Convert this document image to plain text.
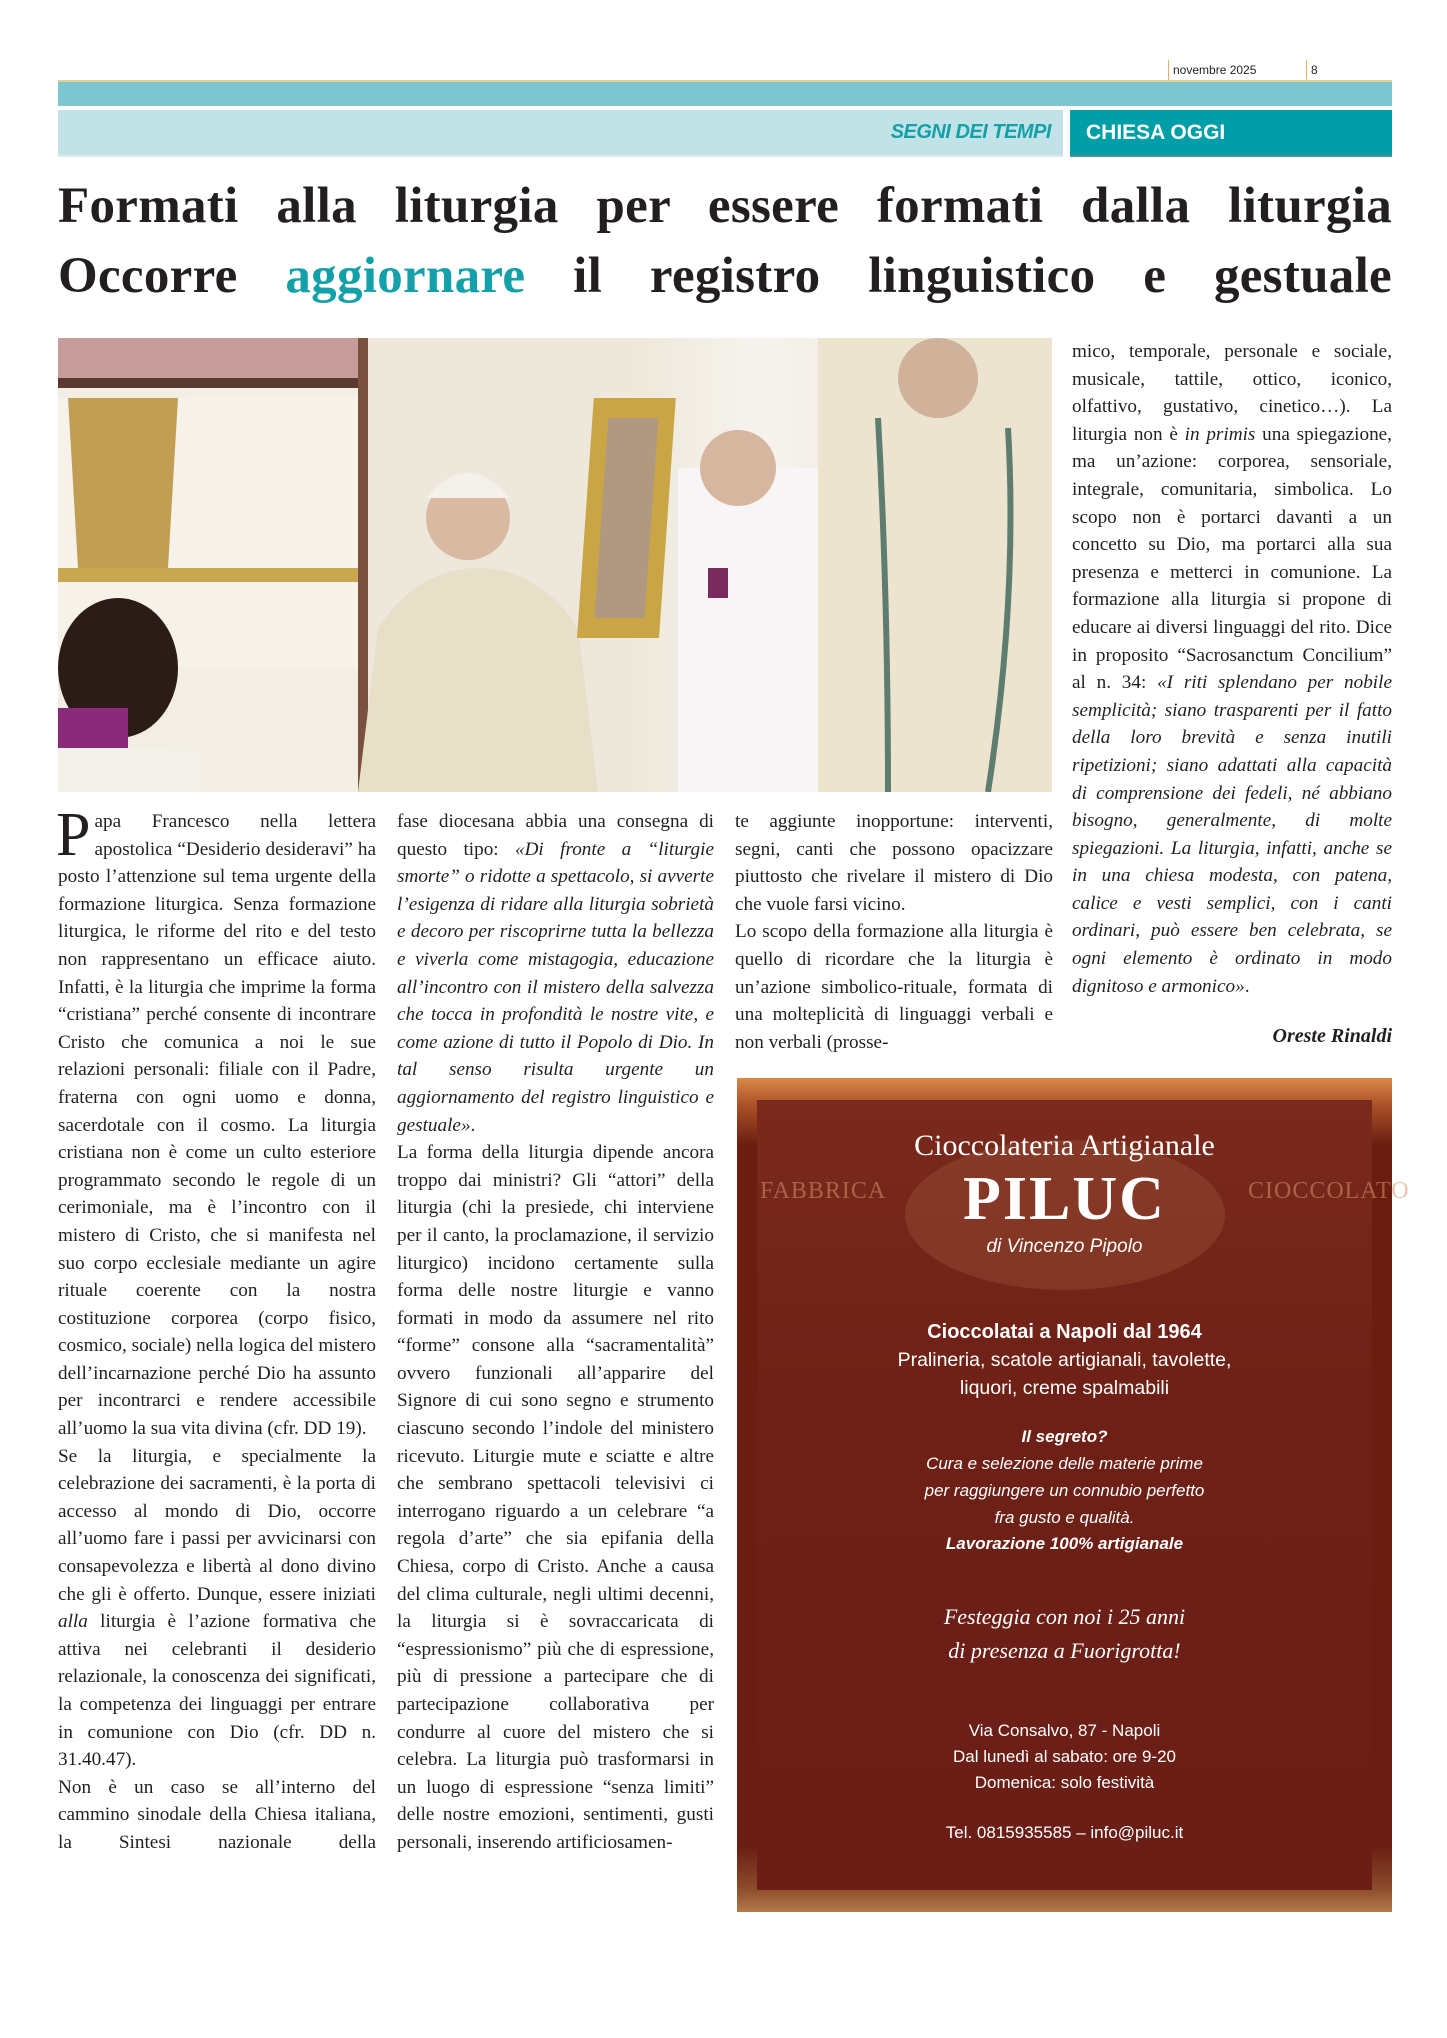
novembre 2025	8
SEGNI DEI TEMPI CHIESA OGGI
Formati alla liturgia per essere formati dalla liturgia
Occorre aggiornare il registro linguistico e gestuale

Papa Francesco nella lettera apostolica “Desiderio desideravi” ha posto l’attenzione sul tema urgente della formazione liturgica. Senza formazione liturgica, le riforme del rito e del testo non rappresentano un efficace aiuto. Infatti, è la liturgia che imprime la forma “cristiana” perché consente di incontrare Cristo che comunica a noi le sue relazioni personali: filiale con il Padre, fraterna con ogni uomo e donna, sacerdotale con il cosmo. La liturgia cristiana non è come un culto esteriore programmato secondo le regole di un cerimoniale, ma è l’incontro con il mistero di Cristo, che si manifesta nel suo corpo ecclesiale mediante un agire rituale coerente con la nostra costituzione corporea (corpo fisico, cosmico, sociale) nella logica del mistero dell’incarnazione perché Dio ha assunto per incontrarci e rendere accessibile all’uomo la sua vita divina (cfr. DD 19).

Se la liturgia, e specialmente la celebrazione dei sacramenti, è la porta di accesso al mondo di Dio, occorre all’uomo fare i passi per avvicinarsi con consapevolezza e libertà al dono divino che gli è offerto. Dunque, essere iniziati alla liturgia è l’azione formativa che attiva nei celebranti il desiderio relazionale, la conoscenza dei significati, la competenza dei linguaggi per entrare in comunione con Dio (cfr. DD n. 31.40.47).

Non è un caso se all’interno del cammino sinodale della Chiesa italiana, la Sintesi nazionale della

fase diocesana abbia una consegna di questo tipo: «Di fronte a “liturgie smorte” o ridotte a spettacolo, si avverte l’esigenza di ridare alla liturgia sobrietà e decoro per riscoprirne tutta la bellezza e viverla come mistagogia, educazione all’incontro con il mistero della salvezza che tocca in profondità le nostre vite, e come azione di tutto il Popolo di Dio. In tal senso risulta urgente un aggiornamento del registro linguistico e gestuale».

La forma della liturgia dipende ancora troppo dai ministri? Gli “attori” della liturgia (chi la presiede, chi interviene per il canto, la proclamazione, il servizio liturgico) incidono certamente sulla forma delle nostre liturgie e vanno formati in modo da assumere nel rito “forme” consone alla “sacramentalità” ovvero funzionali all’apparire del Signore di cui sono segno e strumento ciascuno secondo l’indole del ministero ricevuto. Liturgie mute e sciatte e altre che sembrano spettacoli televisivi ci interrogano riguardo a un celebrare “a regola d’arte” che sia epifania della Chiesa, corpo di Cristo. Anche a causa del clima culturale, negli ultimi decenni, la liturgia si è sovraccaricata di “espressionismo” più che di espressione, più di pressione a partecipare che di partecipazione collaborativa per condurre al cuore del mistero che si celebra. La liturgia può trasformarsi in un luogo di espressione “senza limiti” delle nostre emozioni, sentimenti, gusti personali, inserendo artificiosamen-

te aggiunte inopportune: interventi, segni, canti che possono opacizzare piuttosto che rivelare il mistero di Dio che vuole farsi vicino.

Lo scopo della formazione alla liturgia è quello di ricordare che la liturgia è un’azione simbolico-rituale, formata di una molteplicità di linguaggi verbali e non verbali (prosse-

mico, temporale, personale e sociale, musicale, tattile, ottico, iconico, olfattivo, gustativo, cinetico…). La liturgia non è in primis una spiegazione, ma un’azione: corporea, sensoriale, integrale, comunitaria, simbolica. Lo scopo non è portarci davanti a un concetto su Dio, ma portarci alla sua presenza e metterci in comunione. La formazione alla liturgia si propone di educare ai diversi linguaggi del rito. Dice in proposito “Sacrosanctum Concilium” al n. 34: «I riti splendano per nobile semplicità; siano trasparenti per il fatto della loro brevità e senza inutili ripetizioni; siano adattati alla capacità di comprensione dei fedeli, né abbiano bisogno, generalmente, di molte spiegazioni. La liturgia, infatti, anche se in una chiesa modesta, con patena, calice e vesti semplici, con i canti ordinari, può essere ben celebrata, se ogni elemento è ordinato in modo dignitoso e armonico».

Oreste Rinaldi
FABBRICA	CIOCCOLATO
Cioccolateria Artigianale
PILUC
di Vincenzo Pipolo
Cioccolatai a Napoli dal 1964
Pralineria, scatole artigianali, tavolette,
liquori, creme spalmabili
Il segreto?
Cura e selezione delle materie prime
per raggiungere un connubio perfetto
fra gusto e qualità.
Lavorazione 100% artigianale
Festeggia con noi i 25 anni
di presenza a Fuorigrotta!
Via Consalvo, 87 - Napoli
Dal lunedì al sabato: ore 9-20
Domenica: solo festività
Tel. 0815935585 – info@piluc.it
